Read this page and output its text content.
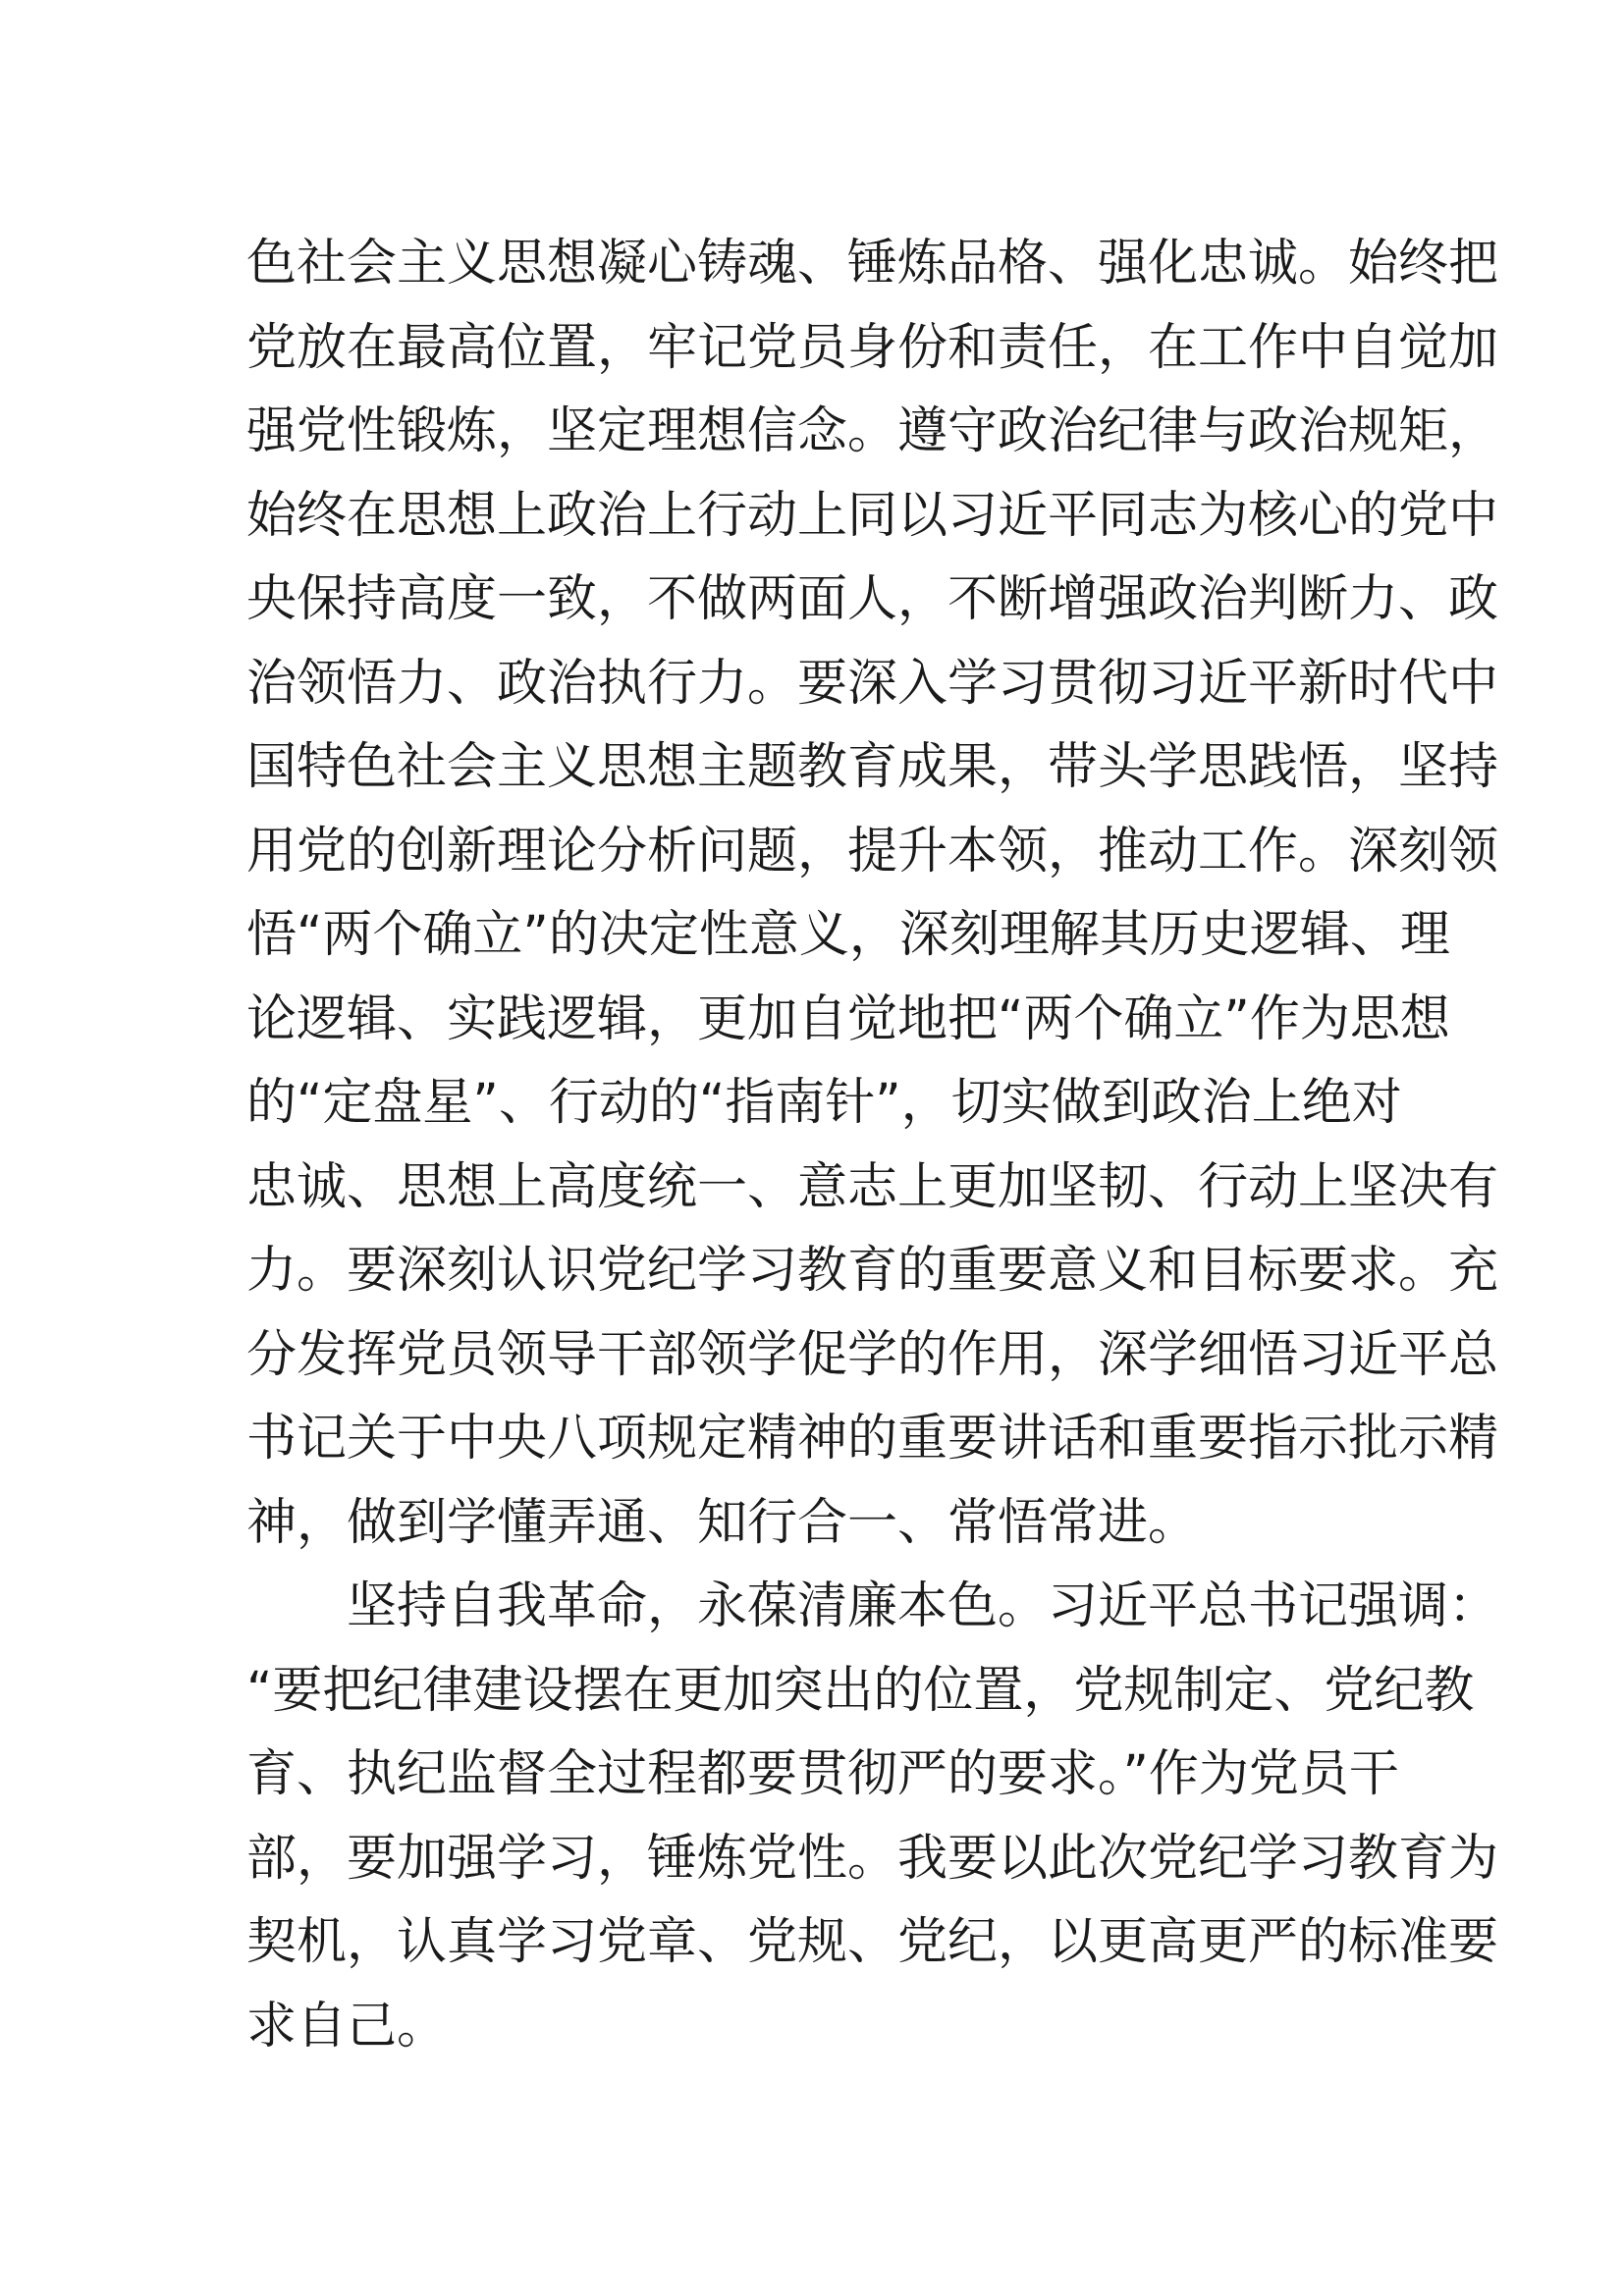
色社会主义思想凝心铸魂、锤炼品格、强化忠诚。始终把
党放在最高位置，牢记党员身份和责任，在工作中自觉加
强党性锻炼，坚定理想信念。遵守政治纪律与政治规矩，
始终在思想上政治上行动上同以习近平同志为核心的党中
央保持高度一致，不做两面人，不断增强政治判断力、政
治领悟力、政治执行力。要深入学习贯彻习近平新时代中
国特色社会主义思想主题教育成果，带头学思践悟，坚持
用党的创新理论分析问题，提升本领，推动工作。深刻领
悟“两个确立”的决定性意义，深刻理解其历史逻辑、理
论逻辑、实践逻辑，更加自觉地把“两个确立”作为思想
的“定盘星”、行动的“指南针”，切实做到政治上绝对
忠诚、思想上高度统一、意志上更加坚韧、行动上坚决有
力。要深刻认识党纪学习教育的重要意义和目标要求。充
分发挥党员领导干部领学促学的作用，深学细悟习近平总
书记关于中央八项规定精神的重要讲话和重要指示批示精
神，做到学懂弄通、知行合一、常悟常进。
　　坚持自我革命，永葆清廉本色。习近平总书记强调：
“要把纪律建设摆在更加突出的位置，党规制定、党纪教
育、执纪监督全过程都要贯彻严的要求。”作为党员干
部，要加强学习，锤炼党性。我要以此次党纪学习教育为
契机，认真学习党章、党规、党纪，以更高更严的标准要
求自己。
